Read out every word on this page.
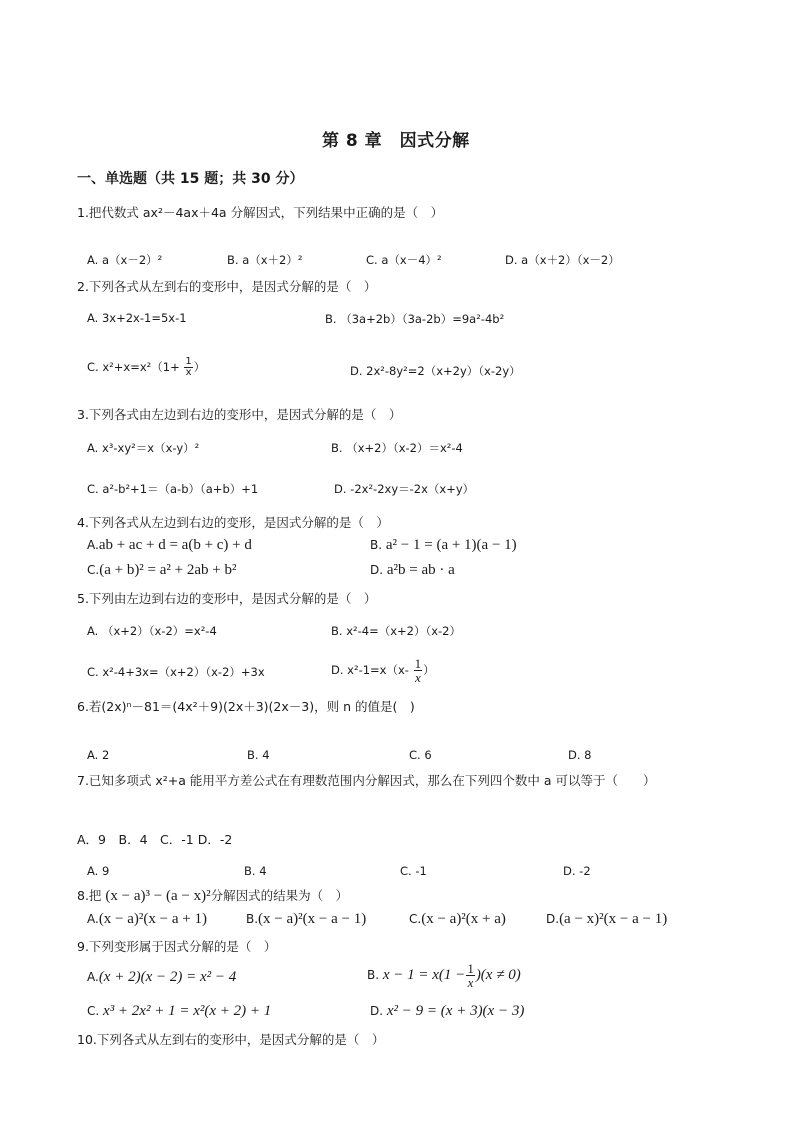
第 8 章　因式分解
一、单选题（共 15 题；共 30 分）
1.把代数式 ax²－4ax＋4a 分解因式，下列结果中正确的是（　）
A. a（x－2）²	B. a（x＋2）²	C. a（x－4）²	D. a（x＋2）（x－2）
2.下列各式从左到右的变形中，是因式分解的是（　）
A. 3x+2x-1=5x-1	B. （3a+2b）（3a-2b）=9a²-4b²
C. $x^2+x=x^2(1+ \frac{1}{x}$ ）	D. 2x²-8y²=2（x+2y）（x-2y）
3.下列各式由左边到右边的变形中，是因式分解的是（　）
A. x³-xy²＝x（x-y）²	B. （x+2）（x-2）＝x²-4
C. a²-b²+1＝（a-b）（a+b）+1	D. -2x²-2xy＝-2x（x+y）
4.下列各式从左边到右边的变形，是因式分解的是（　）
A.ab + ac + d = a(b + c) + d	B. a² − 1 = (a + 1)(a − 1)
C.(a + b)² = a² + 2ab + b²	D. a²b = ab · a
5.下列由左边到右边的变形中，是因式分解的是（　）
A. （x+2）（x-2）=x²-4	B. x²-4=（x+2）（x-2）
C. x²-4+3x=（x+2）（x-2）+3x	D. $x^2-1=x(x- \frac{1}{x}$ ）
6.若(2x)ⁿ－81＝(4x²＋9)(2x＋3)(2x－3)，则 n 的值是(　)
A. 2	B. 4	C. 6	D. 8
7.已知多项式 x²+a 能用平方差公式在有理数范围内分解因式，那么在下列四个数中 a 可以等于（　　）
A．9　B．4　C．-1 D．-2
A. 9	B. 4	C. -1	D. -2
8.把 (x − a)³ − (a − x)²分解因式的结果为（　）
A.(x − a)²(x − a + 1)	B.(x − a)²(x − a − 1)	C.(x − a)²(x + a)	D.(a − x)²(x − a − 1)
9.下列变形属于因式分解的是（　）
A.(x + 2)(x − 2) = x² − 4	B. $x - 1 = x(1 - \frac{1}{x} )(x \ne 0)$
C. x³ + 2x² + 1 = x²(x + 2) + 1	D. x² − 9 = (x + 3)(x − 3)
10.下列各式从左到右的变形中，是因式分解的是（　）
